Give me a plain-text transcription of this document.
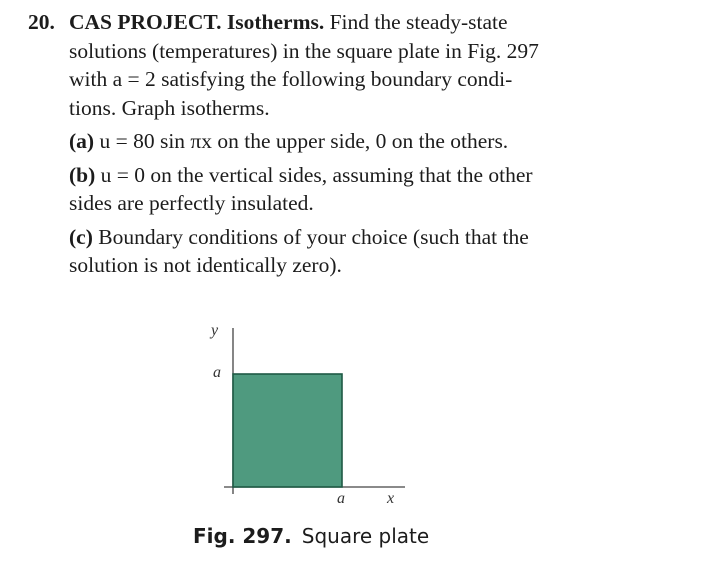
20. CAS PROJECT. Isotherms. Find the steady-state

solutions (temperatures) in the square plate in Fig. 297

with a = 2 satisfying the following boundary condi-

tions. Graph isotherms.

(a) u = 80 sin πx on the upper side, 0 on the others.
(b) u = 0 on the vertical sides, assuming that the other
sides are perfectly insulated.
(c) Boundary conditions of your choice (such that the
solution is not identically zero).
y
a
a	x
Fig. 297. Square plate
